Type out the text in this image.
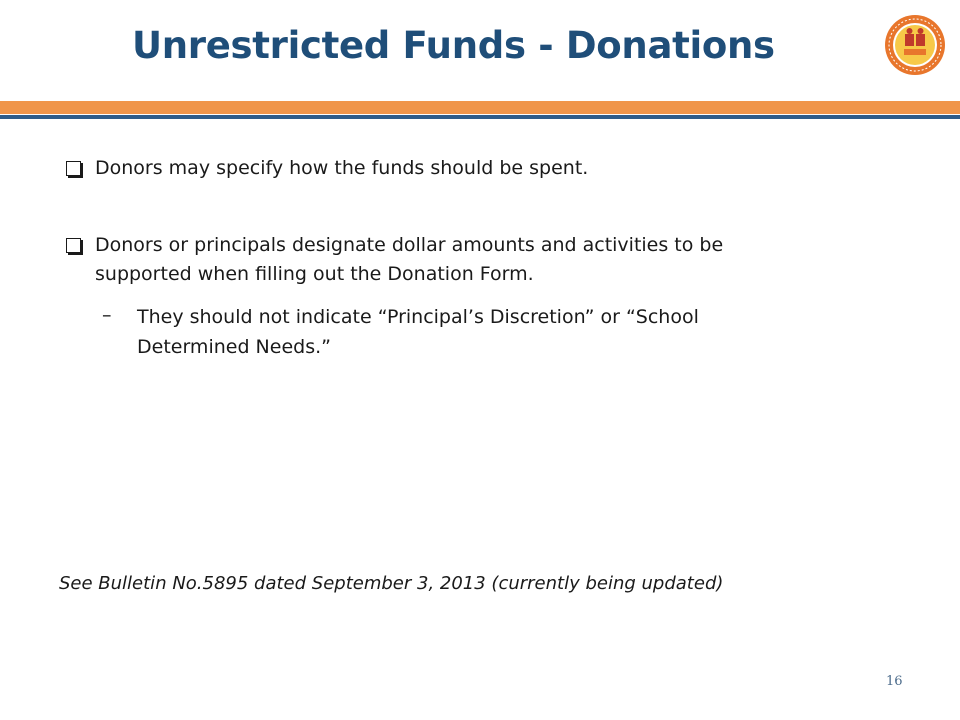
Unrestricted Funds - Donations
Donors may specify how the funds should be spent.
Donors or principals designate dollar amounts and activities to be
supported when filling out the Donation Form.
– They should not indicate “Principal’s Discretion” or “School
Determined Needs.”
See Bulletin No.5895 dated September 3, 2013 (currently being updated)
16
